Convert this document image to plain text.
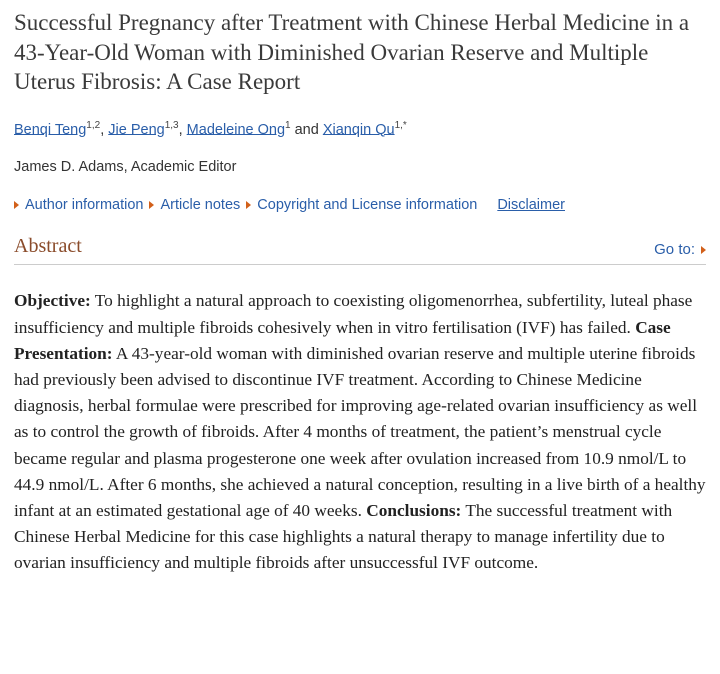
Successful Pregnancy after Treatment with Chinese Herbal Medicine in a 43-Year-Old Woman with Diminished Ovarian Reserve and Multiple Uterus Fibrosis: A Case Report
Benqi Teng$^{1,2}$, Jie Peng$^{1,3}$, Madeleine Ong$^1$ and Xianqin $Qu^{1,*}$
James D. Adams, Academic Editor
Author information Article notes Copyright and License information Disclaimer
Abstract	Go to:
Objective: To highlight a natural approach to coexisting oligomenorrhea, subfertility, luteal phase insufficiency and multiple fibroids cohesively when in vitro fertilisation (IVF) has failed. Case Presentation: A 43-year-old woman with diminished ovarian reserve and multiple uterine fibroids had previously been advised to discontinue IVF treatment. According to Chinese Medicine diagnosis, herbal formulae were prescribed for improving age-related ovarian insufficiency as well as to control the growth of fibroids. After 4 months of treatment, the patient’s menstrual cycle became regular and plasma progesterone one week after ovulation increased from 10.9 nmol/L to 44.9 nmol/L. After 6 months, she achieved a natural conception, resulting in a live birth of a healthy infant at an estimated gestational age of 40 weeks. Conclusions: The successful treatment with Chinese Herbal Medicine for this case highlights a natural therapy to manage infertility due to ovarian insufficiency and multiple fibroids after unsuccessful IVF outcome.
